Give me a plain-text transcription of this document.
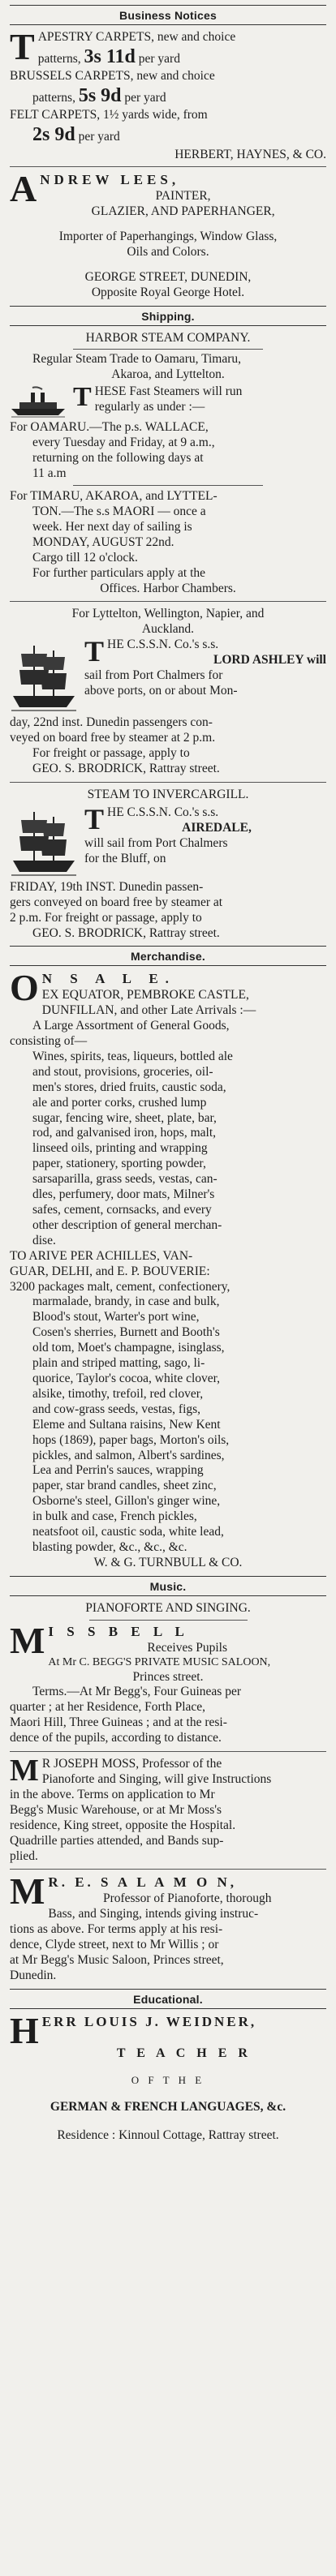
Business Notices

TAPESTRY CARPETS, new and choice

patterns, 3s 11d per yard

BRUSSELS CARPETS, new and choice

patterns, 5s 9d per yard

FELT CARPETS, 1½ yards wide, from

2s 9d per yard

HERBERT, HAYNES, & CO.

ANDREW LEES,

PAINTER,

GLAZIER, AND PAPERHANGER,

Importer of Paperhangings, Window Glass,

Oils and Colors.

GEORGE STREET, DUNEDIN,

Opposite Royal George Hotel.

Shipping.

HARBOR STEAM COMPANY.

Regular Steam Trade to Oamaru, Timaru,

Akaroa, and Lyttelton.

THESE Fast Steamers will run

regularly as under :—

For OAMARU.—The p.s. WALLACE,

every Tuesday and Friday, at 9 a.m.,

returning on the following days at

11 a.m

For TIMARU, AKAROA, and LYTTEL-

TON.—The s.s MAORI — once a

week. Her next day of sailing is

MONDAY, AUGUST 22nd.

Cargo till 12 o'clock.

For further particulars apply at the

Offices. Harbor Chambers.

For Lyttelton, Wellington, Napier, and

Auckland.

THE C.S.S.N. Co.'s s.s.

LORD ASHLEY will

sail from Port Chalmers for

above ports, on or about Mon-

day, 22nd inst. Dunedin passengers con-

veyed on board free by steamer at 2 p.m.

For freight or passage, apply to

GEO. S. BRODRICK, Rattray street.

STEAM TO INVERCARGILL.

THE C.S.S.N. Co.'s s.s.

AIREDALE,

will sail from Port Chalmers

for the Bluff, on

FRIDAY, 19th INST. Dunedin passen-

gers conveyed on board free by steamer at

2 p.m. For freight or passage, apply to

GEO. S. BRODRICK, Rattray street.

Merchandise.

O N S A L E.

EX EQUATOR, PEMBROKE CASTLE,

DUNFILLAN, and other Late Arrivals :—

A Large Assortment of General Goods,

consisting of—

Wines, spirits, teas, liqueurs, bottled ale

and stout, provisions, groceries, oil-

men's stores, dried fruits, caustic soda,

ale and porter corks, crushed lump

sugar, fencing wire, sheet, plate, bar,

rod, and galvanised iron, hops, malt,

linseed oils, printing and wrapping

paper, stationery, sporting powder,

sarsaparilla, grass seeds, vestas, can-

dles, perfumery, door mats, Milner's

safes, cement, cornsacks, and every

other description of general merchan-

dise.

TO ARIVE PER ACHILLES, VAN-

GUAR, DELHI, and E. P. BOUVERIE:

3200 packages malt, cement, confectionery,

marmalade, brandy, in case and bulk,

Blood's stout, Warter's port wine,

Cosen's sherries, Burnett and Booth's

old tom, Moet's champagne, isinglass,

plain and striped matting, sago, li-

quorice, Taylor's cocoa, white clover,

alsike, timothy, trefoil, red clover,

and cow-grass seeds, vestas, figs,

Eleme and Sultana raisins, New Kent

hops (1869), paper bags, Morton's oils,

pickles, and salmon, Albert's sardines,

Lea and Perrin's sauces, wrapping

paper, star brand candles, sheet zinc,

Osborne's steel, Gillon's ginger wine,

in bulk and case, French pickles,

neatsfoot oil, caustic soda, white lead,

blasting powder, &c., &c., &c.

W. & G. TURNBULL & CO.

Music.

PIANOFORTE AND SINGING.

M I S S B E L L

Receives Pupils

At Mr C. BEGG'S PRIVATE MUSIC SALOON,

Princes street.

Terms.—At Mr Begg's, Four Guineas per

quarter ; at her Residence, Forth Place,

Maori Hill, Three Guineas ; and at the resi-

dence of the pupils, according to distance.

M R JOSEPH MOSS, Professor of the

Pianoforte and Singing, will give Instructions

in the above. Terms on application to Mr

Begg's Music Warehouse, or at Mr Moss's

residence, King street, opposite the Hospital.

Quadrille parties attended, and Bands sup-

plied.

M R. E. S A L A M O N,

Professor of Pianoforte, thorough

Bass, and Singing, intends giving instruc-

tions as above. For terms apply at his resi-

dence, Clyde street, next to Mr Willis ; or

at Mr Begg's Music Saloon, Princes street,

Dunedin.

Educational.

HERR LOUIS J. WEIDNER,

T E A C H E R

O F T H E

GERMAN & FRENCH LANGUAGES, &c.

Residence : Kinnoul Cottage, Rattray street.
